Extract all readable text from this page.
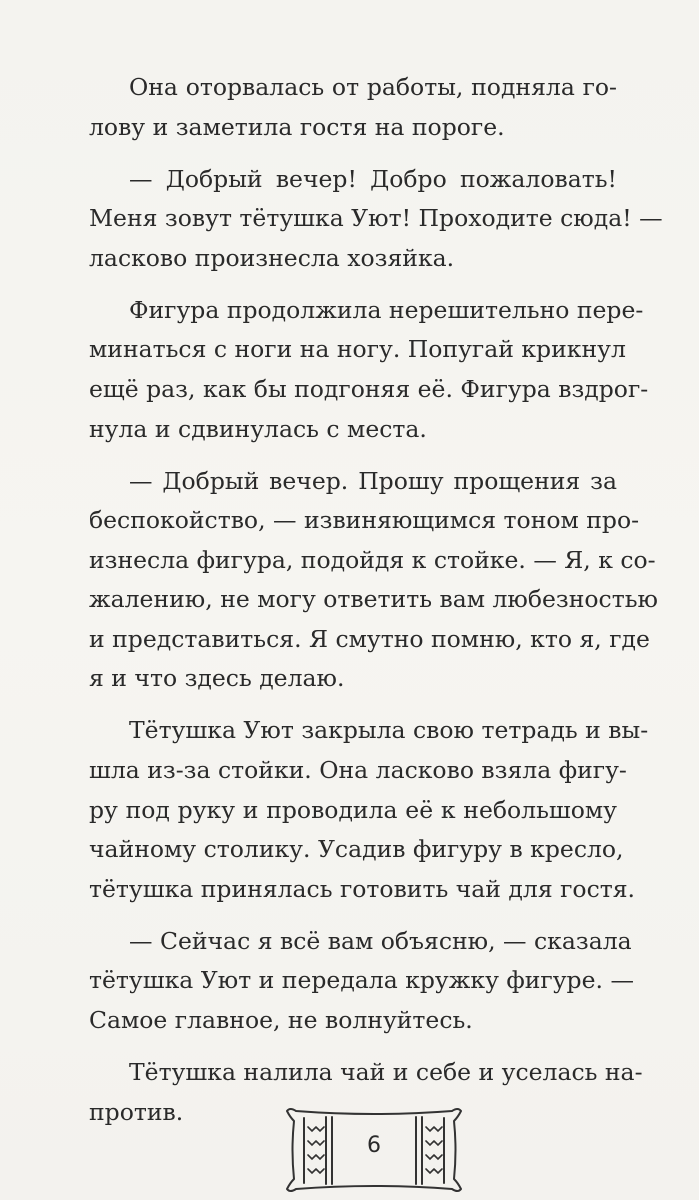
Она оторвалась от работы, подняла го-
лову и заметила гостя на пороге.
— Добрый вечер! Добро пожаловать!
Меня зовут тётушка Уют! Проходите сюда! —
ласково произнесла хозяйка.
Фигура продолжила нерешительно пере-
минаться с ноги на ногу. Попугай крикнул
ещё раз, как бы подгоняя её. Фигура вздрог-
нула и сдвинулась с места.
— Добрый вечер. Прошу прощения за
беспокойство, — извиняющимся тоном про-
изнесла фигура, подойдя к стойке. — Я, к со-
жалению, не могу ответить вам любезностью
и представиться. Я смутно помню, кто я, где
я и что здесь делаю.
Тётушка Уют закрыла свою тетрадь и вы-
шла из-за стойки. Она ласково взяла фигу-
ру под руку и проводила её к небольшому
чайному столику. Усадив фигуру в кресло,
тётушка принялась готовить чай для гостя.
— Сейчас я всё вам объясню, — сказала
тётушка Уют и передала кружку фигуре. —
Самое главное, не волнуйтесь.
Тётушка налила чай и себе и уселась на-
против.
6
